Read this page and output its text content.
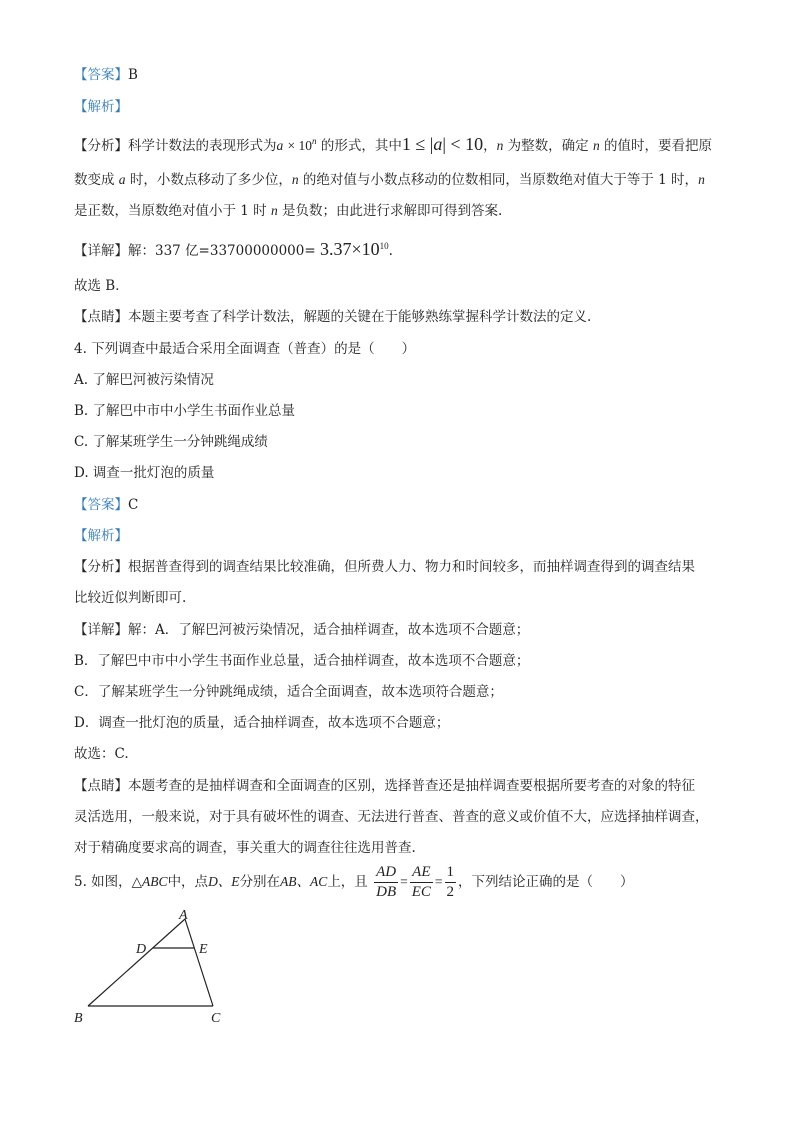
【答案】B
【解析】
【分析】科学计数法的表现形式为$a \times 10^n$ 的形式，其中1 ≤ |a| < 10，n 为整数，确定 n 的值时，要看把原
数变成 a 时，小数点移动了多少位，n 的绝对值与小数点移动的位数相同，当原数绝对值大于等于 1 时，n
是正数，当原数绝对值小于 1 时 n 是负数；由此进行求解即可得到答案.
【详解】解：337 亿$=33700000000= 3.37\times 10^{10}$.
故选 B．
【点睛】本题主要考查了科学计数法，解题的关键在于能够熟练掌握科学计数法的定义.
4. 下列调查中最适合采用全面调查（普查）的是（　　）
A. 了解巴河被污染情况
B. 了解巴中市中小学生书面作业总量
C. 了解某班学生一分钟跳绳成绩
D. 调查一批灯泡的质量
【答案】C
【解析】
【分析】根据普查得到的调查结果比较准确，但所费人力、物力和时间较多，而抽样调查得到的调查结果
比较近似判断即可.
【详解】解：A．了解巴河被污染情况，适合抽样调查，故本选项不合题意；
B．了解巴中市中小学生书面作业总量，适合抽样调查，故本选项不合题意；
C．了解某班学生一分钟跳绳成绩，适合全面调查，故本选项符合题意；
D．调查一批灯泡的质量，适合抽样调查，故本选项不合题意；
故选：C.
【点睛】本题考查的是抽样调查和全面调查的区别，选择普查还是抽样调查要根据所要考查的对象的特征
灵活选用，一般来说，对于具有破坏性的调查、无法进行普查、普查的意义或价值不大，应选择抽样调查，
对于精确度要求高的调查，事关重大的调查往往选用普查.
5. 如图，△ABC中，点D、E分别在AB、AC上，且 $\frac{AD}{DB} = \frac{AE}{EC} = \frac{1}{2}$ ，下列结论正确的是（　　）
A
D	E
B	C
